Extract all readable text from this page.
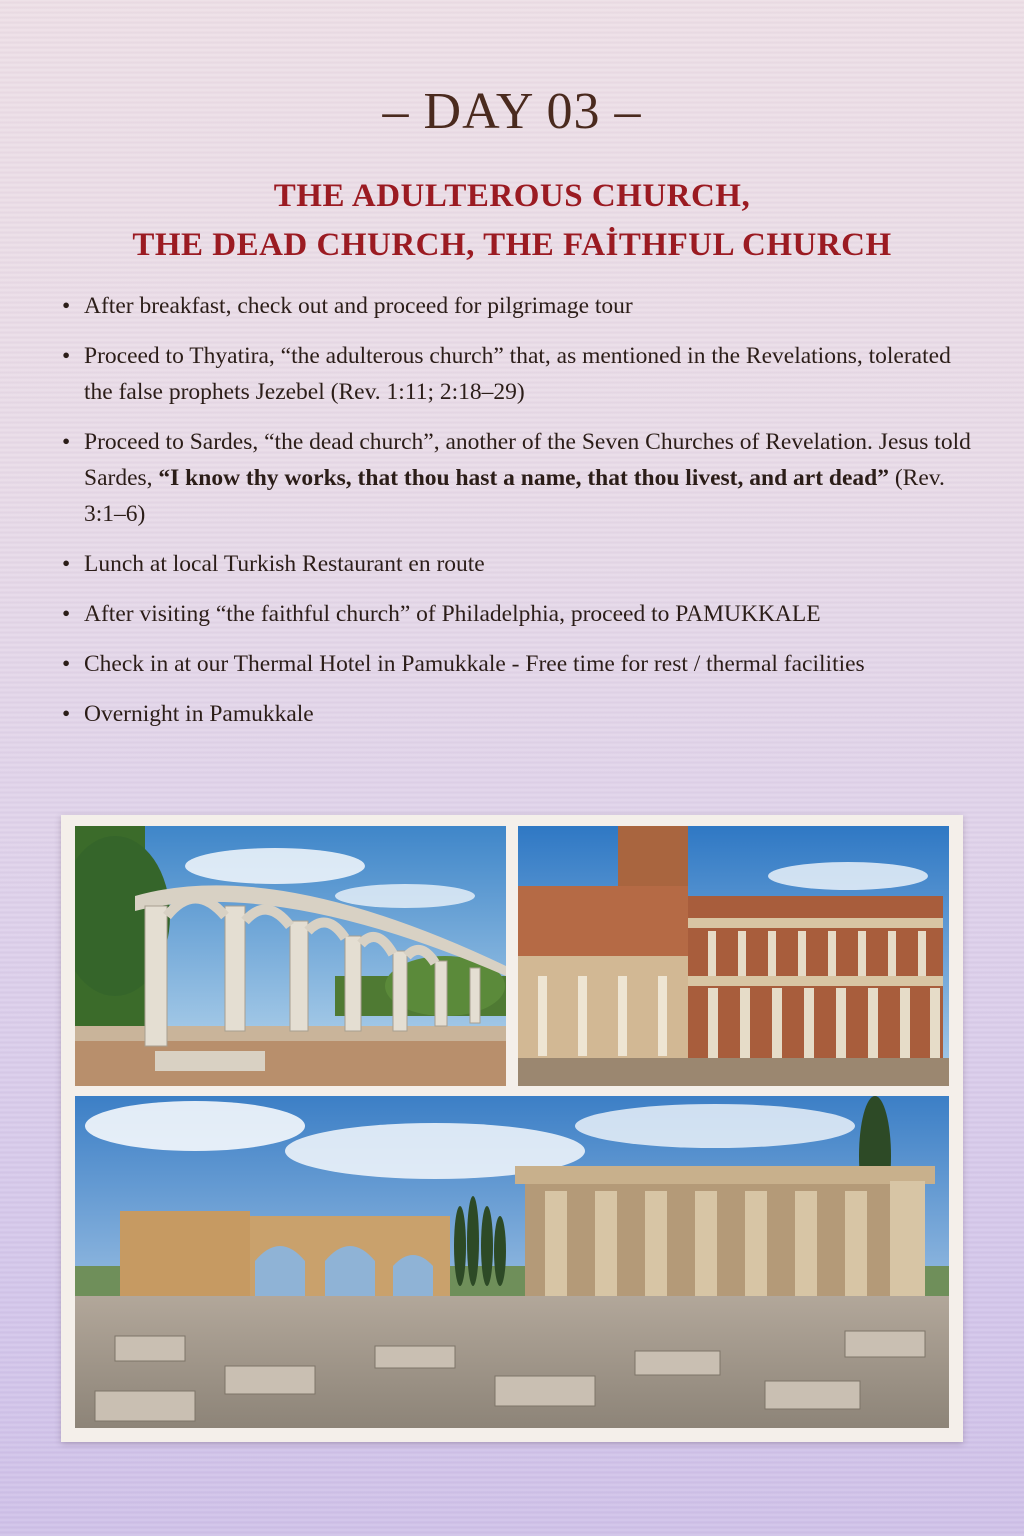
– DAY 03 –
THE ADULTEROUS CHURCH,
THE DEAD CHURCH, THE FAİTHFUL CHURCH
• After breakfast, check out and proceed for pilgrimage tour
• Proceed to Thyatira, “the adulterous church” that, as mentioned in the Revelations, tolerated the false prophets Jezebel (Rev. 1:11; 2:18–29)
• Proceed to Sardes, “the dead church”, another of the Seven Churches of Revelation. Jesus told Sardes, “I know thy works, that thou hast a name, that thou livest, and art dead” (Rev. 3:1–6)
• Lunch at local Turkish Restaurant en route
• After visiting “the faithful church” of Philadelphia, proceed to PAMUKKALE
• Check in at our Thermal Hotel in Pamukkale - Free time for rest / thermal facilities
• Overnight in Pamukkale
